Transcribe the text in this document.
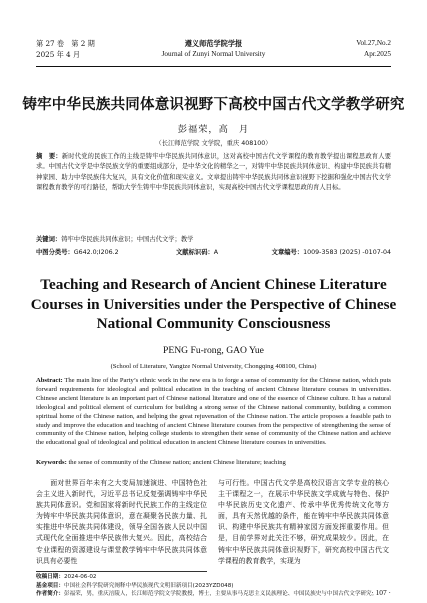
第 27 卷　第 2 期
2025 年 4 月
遵义师范学院学报
Journal of Zunyi Normal University
Vol.27,No.2
Apr.2025
铸牢中华民族共同体意识视野下高校中国古代文学教学研究
彭福荣，高　月
（长江师范学院 文学院，重庆 408100）
摘　要：新时代党的民族工作的主线是铸牢中华民族共同体意识，这对高校中国古代文学课程的教育教学提出课程思政育人要求。中国古代文学是中华民族文学的重要组成部分，是中华文化的精华之一，对铸牢中华民族共同体意识、构建中华民族共有精神家园、助力中华民族伟大复兴，具有文化价值和现实意义。文章提出铸牢中华民族共同体意识视野下挖掘和强化中国古代文学课程教育教学的可行路径，帮助大学生铸牢中华民族共同体意识，实现高校中国古代文学课程思政的育人目标。
关键词：铸牢中华民族共同体意识；中国古代文学；教学
中图分类号：G642.0;I206.2	文献标识码：A	文章编号：1009-3583 (2025) -0107-04
Teaching and Research of Ancient Chinese Literature Courses in Universities under the Perspective of Chinese National Community Consciousness
PENG Fu-rong, GAO Yue
(School of Literature, Yangtze Normal University, Chongqing 408100, China)
Abstract: The main line of the Party’s ethnic work in the new era is to forge a sense of community for the Chinese nation, which puts forward requirements for ideological and political education in the teaching of ancient Chinese literature courses in universities. Chinese ancient literature is an important part of Chinese national literature and one of the essence of Chinese culture. It has a natural ideological and political element of curriculum for building a strong sense of the Chinese national community, building a common spiritual home of the Chinese nation, and helping the great rejuvenation of the Chinese nation. The article proposes a feasible path to study and improve the education and teaching of ancient Chinese literature courses from the perspective of strengthening the sense of community of the Chinese nation, helping college students to strengthen their sense of community of the Chinese nation and achieve the educational goal of ideological and political education in ancient Chinese literature courses in universities.
Keywords: the sense of community of the Chinese nation; ancient Chinese literature; teaching
　　面对世界百年未有之大变局加速演进、中国特色社会主义进入新时代，习近平总书记反复强调铸牢中华民族共同体意识。党和国家将新时代民族工作的主线定位为铸牢中华民族共同体意识，意在凝聚各民族力量、扎实推进中华民族共同体建设，领导全国各族人民以中国式现代化全面推进中华民族伟大复兴。因此，高校结合专业课程的资源建设与课堂教学铸牢中华民族共同体意识具有必要性
与可行性。中国古代文学是高校汉语言文学专业的核心主干课程之一，在展示中华民族文学成就与特色、保护中华民族历史文化遗产、传承中华优秀传统文化等方面，具有天然优越的条件，能在铸牢中华民族共同体意识、构建中华民族共有精神家园方面发挥重要作用。但是，目前学界对此关注不够，研究成果较少。因此，在铸牢中华民族共同体意识视野下，研究高校中国古代文学课程的教育教学，实现为
收稿日期：2024-06-02
基金项目：中国社会科学院研究阐释中华民族现代文明旧新项目(2023YZD048)
作者简介：彭福荣，男，重庆涪陵人，长江师范学院文学院教授，博士，主要从事马克思主义民族理论、中国民族史与中国古代文学研究。
· 107 ·
